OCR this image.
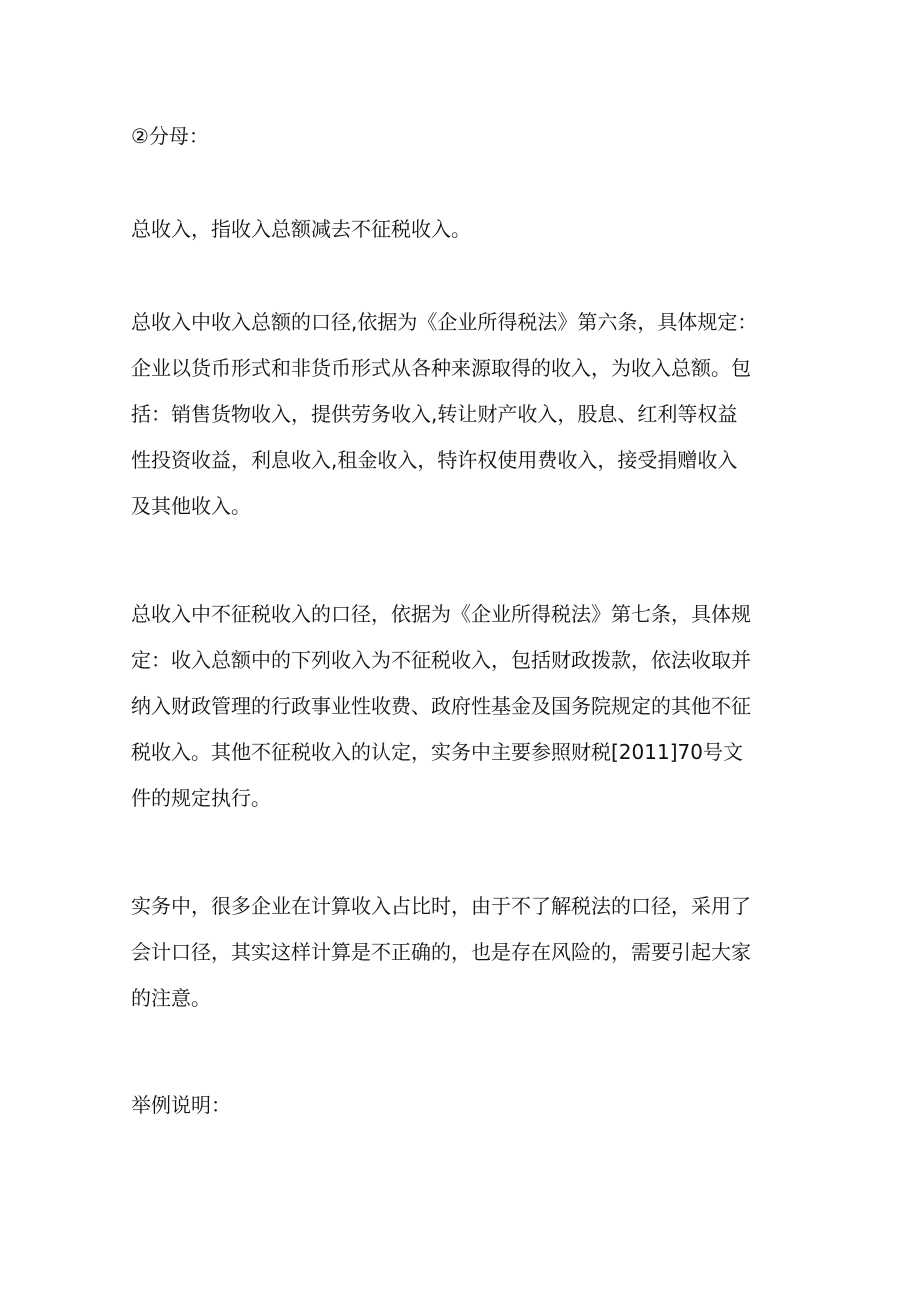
②分母：

总收入，指收入总额减去不征税收入。

总收入中收入总额的口径,依据为《企业所得税法》第六条，具体规定：
企业以货币形式和非货币形式从各种来源取得的收入，为收入总额。包
括：销售货物收入，提供劳务收入,转让财产收入，股息、红利等权益
性投资收益，利息收入,租金收入，特许权使用费收入，接受捐赠收入
及其他收入。

总收入中不征税收入的口径，依据为《企业所得税法》第七条，具体规
定：收入总额中的下列收入为不征税收入，包括财政拨款，依法收取并
纳入财政管理的行政事业性收费、政府性基金及国务院规定的其他不征
税收入。其他不征税收入的认定，实务中主要参照财税[2011]70号文
件的规定执行。

实务中，很多企业在计算收入占比时，由于不了解税法的口径，采用了
会计口径，其实这样计算是不正确的，也是存在风险的，需要引起大家
的注意。

举例说明：
